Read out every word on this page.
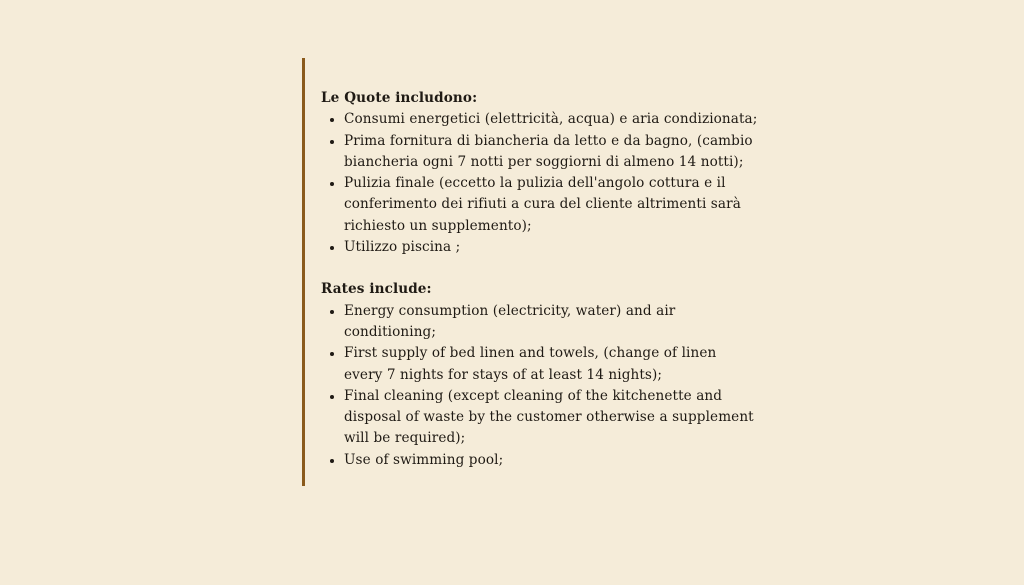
Le Quote includono:

Consumi energetici (elettricità, acqua) e aria condizionata;
Prima fornitura di biancheria da letto e da bagno, (cambio biancheria ogni 7 notti per soggiorni di almeno 14 notti);
Pulizia finale (eccetto la pulizia dell'angolo cottura e il conferimento dei rifiuti a cura del cliente altrimenti sarà richiesto un supplemento);
Utilizzo piscina ;

Rates include:

Energy consumption (electricity, water) and air conditioning;
First supply of bed linen and towels, (change of linen every 7 nights for stays of at least 14 nights);
Final cleaning (except cleaning of the kitchenette and disposal of waste by the customer otherwise a supplement will be required);
Use of swimming pool;
